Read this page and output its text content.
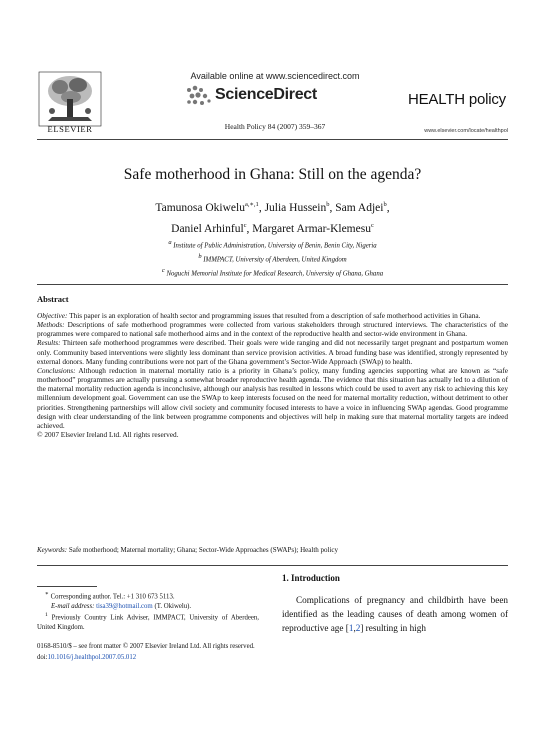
ELSEVIER
Available online at www.sciencedirect.com
ScienceDirect
Health Policy 84 (2007) 359–367
HEALTH policy
www.elsevier.com/locate/healthpol
Safe motherhood in Ghana: Still on the agenda?
Tamunosa Okiwelu$^{a,∗,1}$, Julia Hussein$^b$, Sam Adjei$^b$,
Daniel Arhinful$^c$, Margaret Armar-Klemesu$^c$
$^a$ Institute of Public Administration, University of Benin, Benin City, Nigeria
$^b$ IMMPACT, University of Aberdeen, United Kingdom
$^c$ Noguchi Memorial Institute for Medical Research, University of Ghana, Ghana
Abstract

Objective: This paper is an exploration of health sector and programming issues that resulted from a description of safe motherhood activities in Ghana.

Methods: Descriptions of safe motherhood programmes were collected from various stakeholders through structured interviews. The characteristics of the programmes were compared to national safe motherhood aims and in the context of the reproductive health and sector-wide environment in Ghana.

Results: Thirteen safe motherhood programmes were described. Their goals were wide ranging and did not necessarily target pregnant and postpartum women only. Community based interventions were slightly less dominant than service provision activities. A broad funding base was identified, strongly represented by external donors. Many funding contributions were not part of the Ghana government’s Sector-Wide Approach (SWAp) to health.

Conclusions: Although reduction in maternal mortality ratio is a priority in Ghana’s policy, many funding agencies supporting what are known as “safe motherhood” programmes are actually pursuing a somewhat broader reproductive health agenda. The evidence that this situation has actually led to a dilution of the maternal mortality reduction agenda is inconclusive, although our analysis has resulted in lessons which could be used to avert any risk to achieving this key millennium development goal. Government can use the SWAp to keep interests focused on the need for maternal mortality reduction, without detriment to other priorities. Strengthening partnerships will allow civil society and community focused interests to have a voice in influencing SWAp agendas. Good programme design with clear understanding of the link between programme components and objectives will help in making sure that maternal mortality targets are indeed achieved.

© 2007 Elsevier Ireland Ltd. All rights reserved.

Keywords: Safe motherhood; Maternal mortality; Ghana; Sector-Wide Approaches (SWAPs); Health policy

∗ Corresponding author. Tel.: +1 310 673 5113.

E-mail address: tisa39@hotmail.com (T. Okiwelu).

$^1$ Previously Country Link Adviser, IMMPACT, University of Aberdeen, United Kingdom.

1. Introduction
Complications of pregnancy and childbirth have been identified as the leading causes of death among women of reproductive age [1,2] resulting in high
0168-8510/$ – see front matter © 2007 Elsevier Ireland Ltd. All rights reserved.
doi:10.1016/j.healthpol.2007.05.012
